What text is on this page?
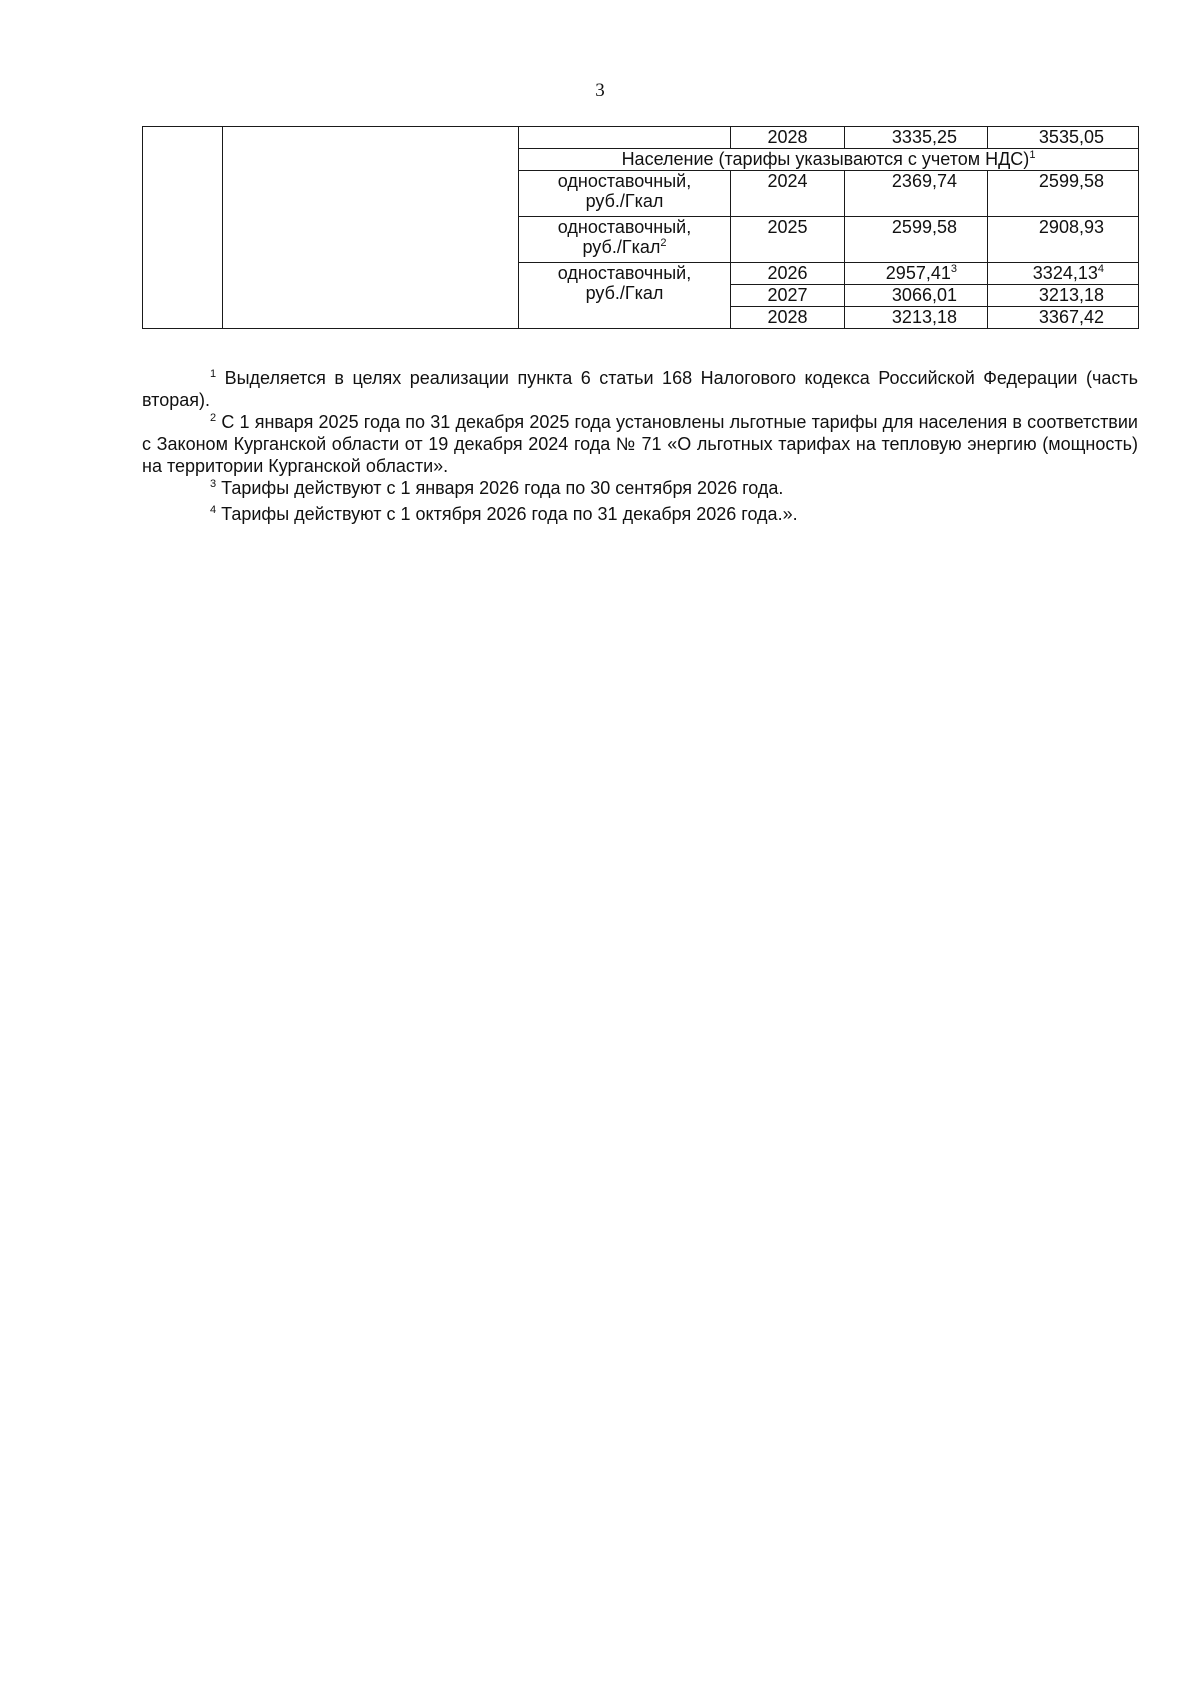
3
			2028	3335,25	3535,05
		Население (тарифы указываются с учетом НДС)$^1$

		одноставочный,
руб./Гкал	2024	2369,74	2599,58

		одноставочный,
руб./Гкал$^2$	2025	2599,58	2908,93

		одноставочный,
руб./Гкал	2026	2957,41$^3$	3324,13$^4$
			2027	3066,01	3213,18
			2028	3213,18	3367,42

$^1$ Выделяется в целях реализации пункта 6 статьи 168 Налогового кодекса Российской Федерации (часть вторая).

$^2$ С 1 января 2025 года по 31 декабря 2025 года установлены льготные тарифы для населения в соответствии с Законом Курганской области от 19 декабря 2024 года № 71 «О льготных тарифах на тепловую энергию (мощность) на территории Курганской области».

$^3$ Тарифы действуют с 1 января 2026 года по 30 сентября 2026 года.

$^4$ Тарифы действуют с 1 октября 2026 года по 31 декабря 2026 года.».
